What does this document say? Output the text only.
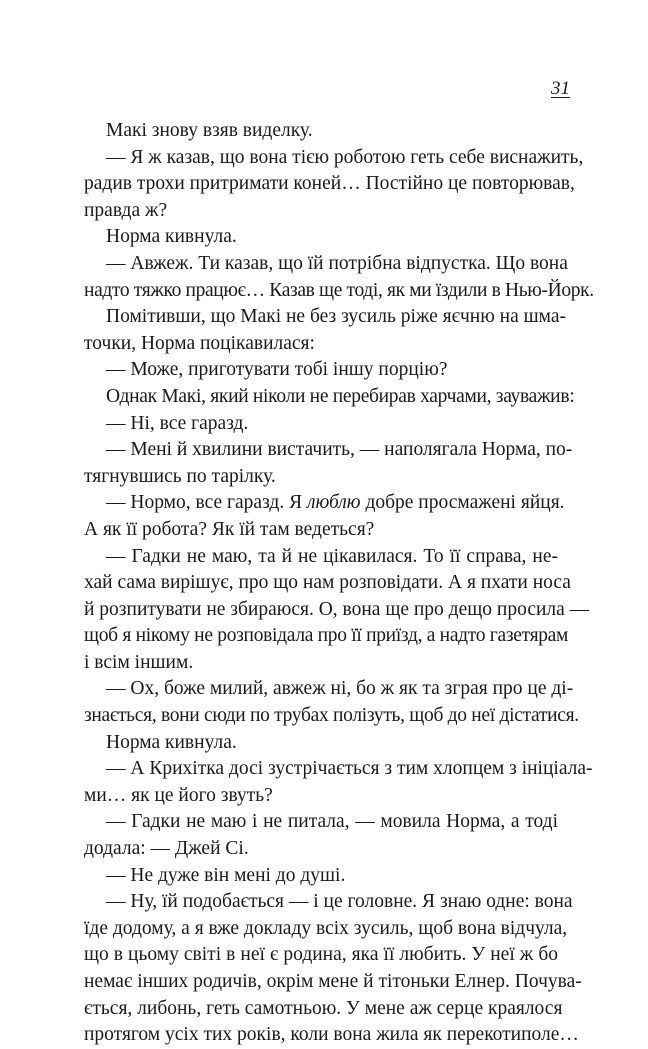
31

Макі знову взяв виделку.

— Я ж казав, що вона тією роботою геть себе виснажить,
радив трохи притримати коней… Постійно це повторював,
правда ж?

Норма кивнула.

— Авжеж. Ти казав, що їй потрібна відпустка. Що вона
надто тяжко працює… Казав ще тоді, як ми їздили в Нью-Йорк.

Помітивши, що Макі не без зусиль ріже яєчню на шма-
точки, Норма поцікавилася:

— Може, приготувати тобі іншу порцію?

Однак Макі, який ніколи не перебирав харчами, зауважив:

— Ні, все гаразд.

— Мені й хвилини вистачить, — наполягала Норма, по-
тягнувшись по тарілку.

— Нормо, все гаразд. Я люблю добре просмажені яйця.
А як її робота? Як їй там ведеться?

— Гадки не маю, та й не цікавилася. То її справа, не-
хай сама вирішує, про що нам розповідати. А я пхати носа
й розпитувати не збираюся. О, вона ще про дещо просила —
щоб я нікому не розповідала про її приїзд, а надто газетярам
і всім іншим.

— Ох, боже милий, авжеж ні, бо ж як та зграя про це ді-
знається, вони сюди по трубах полізуть, щоб до неї дістатися.

Норма кивнула.

— А Крихітка досі зустрічається з тим хлопцем з ініціала-
ми… як це його звуть?

— Гадки не маю і не питала, — мовила Норма, а тоді
додала: — Джей Сі.

— Не дуже він мені до душі.

— Ну, їй подобається — і це головне. Я знаю одне: вона
їде додому, а я вже докладу всіх зусиль, щоб вона відчула,
що в цьому світі в неї є родина, яка її любить. У неї ж бо
немає інших родичів, окрім мене й тітоньки Елнер. Почува-
ється, либонь, геть самотньою. У мене аж серце краялося
протягом усіх тих років, коли вона жила як перекотиполе…
